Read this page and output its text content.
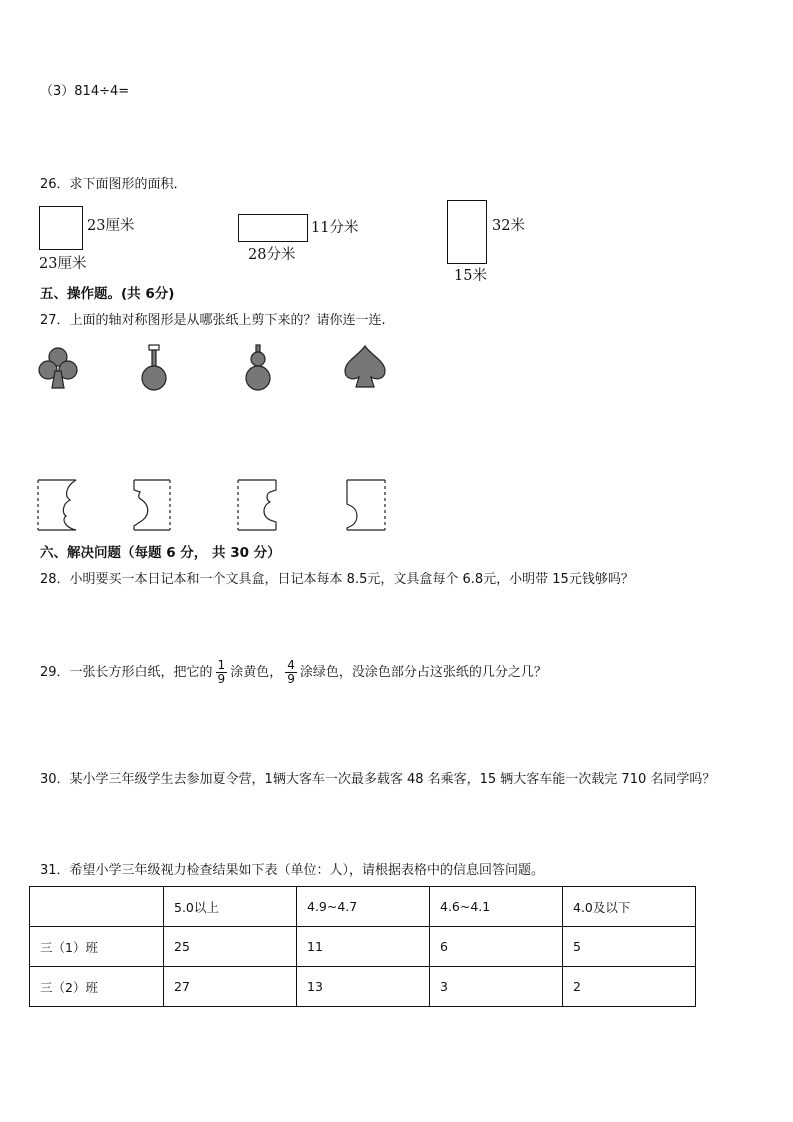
（3）814÷4=
26．求下面图形的面积．
23厘米
23厘米
11分米
28分米
32米
15米
五、操作题。(共 6分)
27．上面的轴对称图形是从哪张纸上剪下来的？请你连一连.
六、解决问题（每题 6 分， 共 30 分）
28．小明要买一本日记本和一个文具盒，日记本每本 8.5元，文具盒每个 6.8元，小明带 15元钱够吗？
29．一张长方形白纸，把它的 $\frac{1}{9}$ 涂黄色， $\frac{4}{9}$ 涂绿色，没涂色部分占这张纸的几分之几？
30．某小学三年级学生去参加夏令营，1辆大客车一次最多载客 48 名乘客，15 辆大客车能一次载完 710 名同学吗？
31．希望小学三年级视力检查结果如下表（单位：人），请根据表格中的信息回答问题。
	5.0以上	4.9~4.7	4.6~4.1	4.0及以下
三（1）班	25	11	6	5
三（2）班	27	13	3	2
